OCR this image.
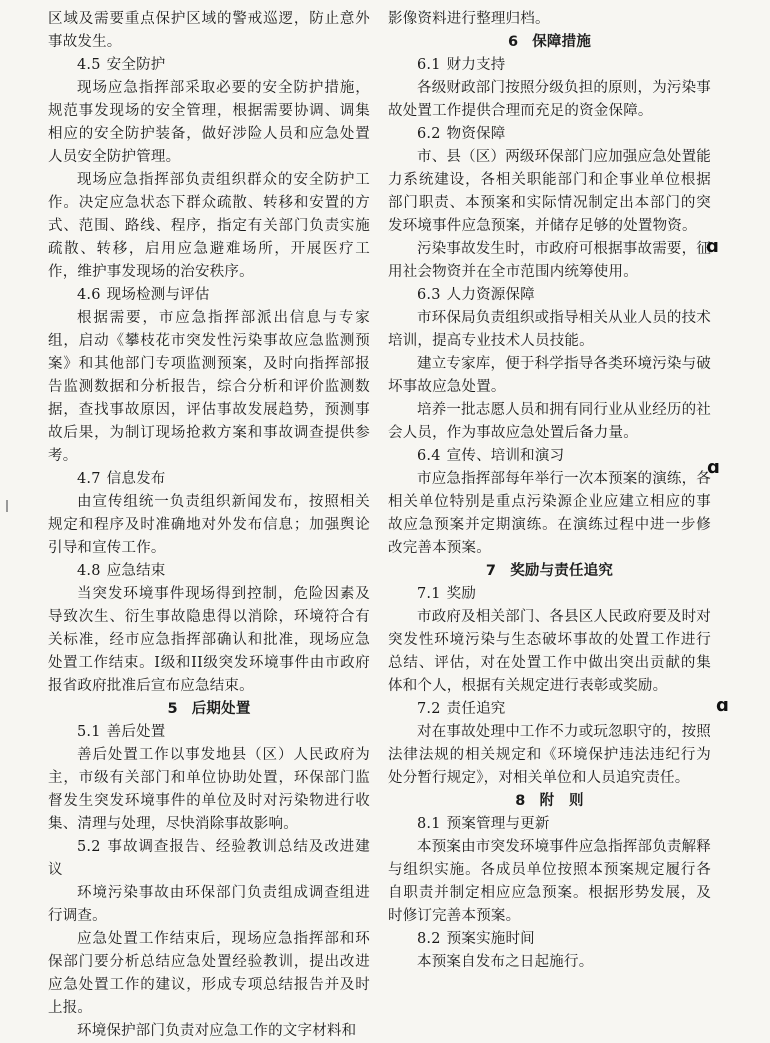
区域及需要重点保护区域的警戒巡逻，防止意外事故发生。

4.5 安全防护

现场应急指挥部采取必要的安全防护措施，规范事发现场的安全管理，根据需要协调、调集相应的安全防护装备，做好涉险人员和应急处置人员安全防护管理。

现场应急指挥部负责组织群众的安全防护工作。决定应急状态下群众疏散、转移和安置的方式、范围、路线、程序，指定有关部门负责实施疏散、转移，启用应急避难场所，开展医疗工作，维护事发现场的治安秩序。

4.6 现场检测与评估

根据需要，市应急指挥部派出信息与专家组，启动《攀枝花市突发性污染事故应急监测预案》和其他部门专项监测预案，及时向指挥部报告监测数据和分析报告，综合分析和评价监测数据，查找事故原因，评估事故发展趋势，预测事故后果，为制订现场抢救方案和事故调查提供参考。

4.7 信息发布

由宣传组统一负责组织新闻发布，按照相关规定和程序及时准确地对外发布信息；加强舆论引导和宣传工作。

4.8 应急结束

当突发环境事件现场得到控制，危险因素及导致次生、衍生事故隐患得以消除，环境符合有关标准，经市应急指挥部确认和批准，现场应急处置工作结束。I级和II级突发环境事件由市政府报省政府批准后宣布应急结束。

5 后期处置

5.1 善后处置

善后处置工作以事发地县（区）人民政府为主，市级有关部门和单位协助处置，环保部门监督发生突发环境事件的单位及时对污染物进行收集、清理与处理，尽快消除事故影响。

5.2 事故调查报告、经验教训总结及改进建议

环境污染事故由环保部门负责组成调查组进行调查。

应急处置工作结束后，现场应急指挥部和环保部门要分析总结应急处置经验教训，提出改进应急处置工作的建议，形成专项总结报告并及时上报。

环境保护部门负责对应急工作的文字材料和

影像资料进行整理归档。

6 保障措施

6.1 财力支持

各级财政部门按照分级负担的原则，为污染事故处置工作提供合理而充足的资金保障。

6.2 物资保障

市、县（区）两级环保部门应加强应急处置能力系统建设，各相关职能部门和企事业单位根据部门职责、本预案和实际情况制定出本部门的突发环境事件应急预案，并储存足够的处置物资。

污染事故发生时，市政府可根据事故需要，征用社会物资并在全市范围内统筹使用。

6.3 人力资源保障

市环保局负责组织或指导相关从业人员的技术培训，提高专业技术人员技能。

建立专家库，便于科学指导各类环境污染与破坏事故应急处置。

培养一批志愿人员和拥有同行业从业经历的社会人员，作为事故应急处置后备力量。

6.4 宣传、培训和演习

市应急指挥部每年举行一次本预案的演练，各相关单位特别是重点污染源企业应建立相应的事故应急预案并定期演练。在演练过程中进一步修改完善本预案。

7 奖励与责任追究

7.1 奖励

市政府及相关部门、各县区人民政府要及时对突发性环境污染与生态破坏事故的处置工作进行总结、评估，对在处置工作中做出突出贡献的集体和个人，根据有关规定进行表彰或奖励。

7.2 责任追究

对在事故处理中工作不力或玩忽职守的，按照法律法规的相关规定和《环境保护违法违纪行为处分暂行规定》，对相关单位和人员追究责任。

8 附　则

8.1 预案管理与更新

本预案由市突发环境事件应急指挥部负责解释与组织实施。各成员单位按照本预案规定履行各自职责并制定相应应急预案。根据形势发展，及时修订完善本预案。

8.2 预案实施时间

本预案自发布之日起施行。

ɑ
ɑ
ɑ
